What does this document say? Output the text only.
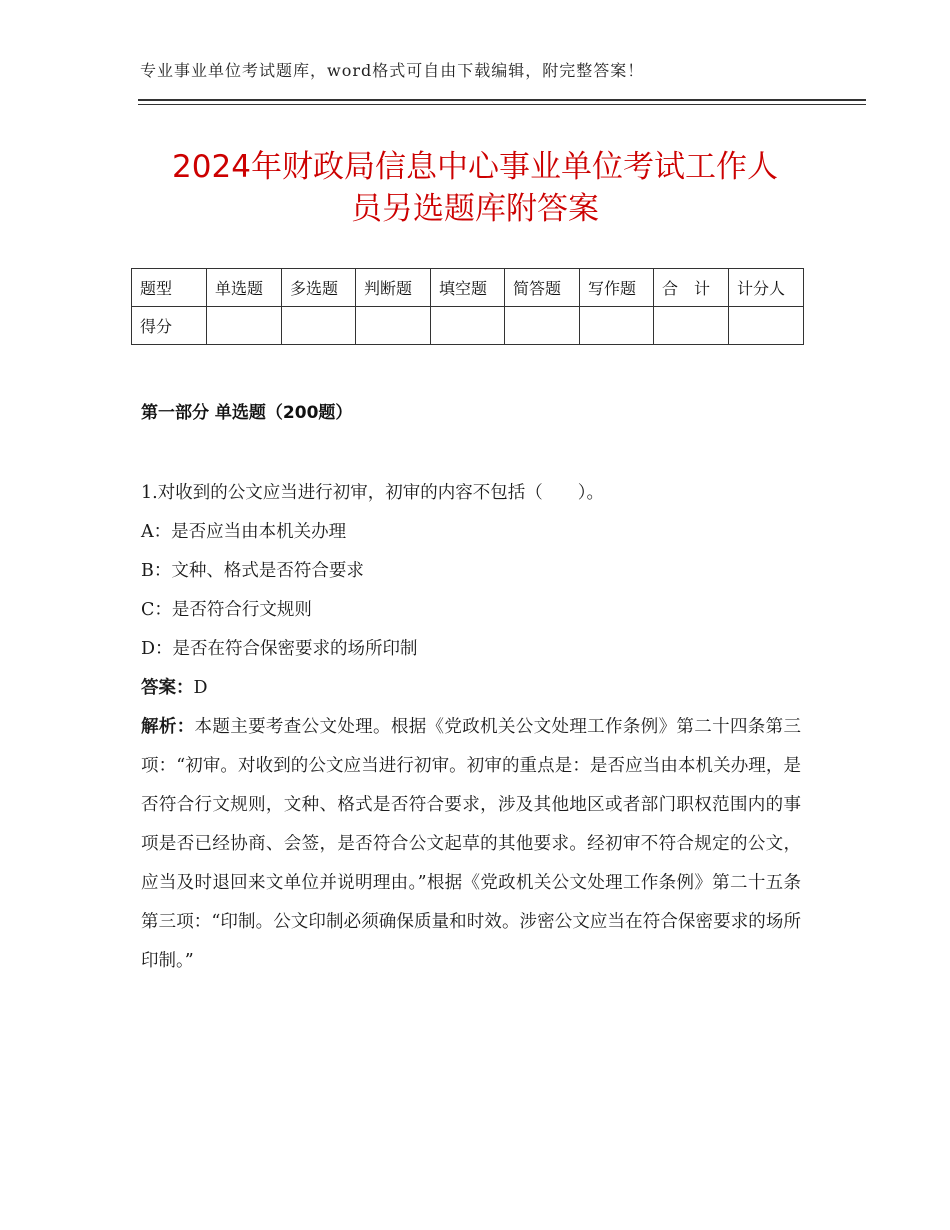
专业事业单位考试题库，word格式可自由下载编辑，附完整答案！
2024年财政局信息中心事业单位考试工作人
员另选题库附答案
题型	单选题	多选题	判断题	填空题	简答题	写作题	合　计	计分人
得分								
第一部分 单选题（200题）
1.对收到的公文应当进行初审，初审的内容不包括（　　）。
A：是否应当由本机关办理
B：文种、格式是否符合要求
C：是否符合行文规则
D：是否在符合保密要求的场所印制
答案：D
解析：本题主要考查公文处理。根据《党政机关公文处理工作条例》第二十四条第三项：“初审。对收到的公文应当进行初审。初审的重点是：是否应当由本机关办理，是否符合行文规则，文种、格式是否符合要求，涉及其他地区或者部门职权范围内的事项是否已经协商、会签，是否符合公文起草的其他要求。经初审不符合规定的公文，应当及时退回来文单位并说明理由。”根据《党政机关公文处理工作条例》第二十五条第三项：“印制。公文印制必须确保质量和时效。涉密公文应当在符合保密要求的场所印制。”
